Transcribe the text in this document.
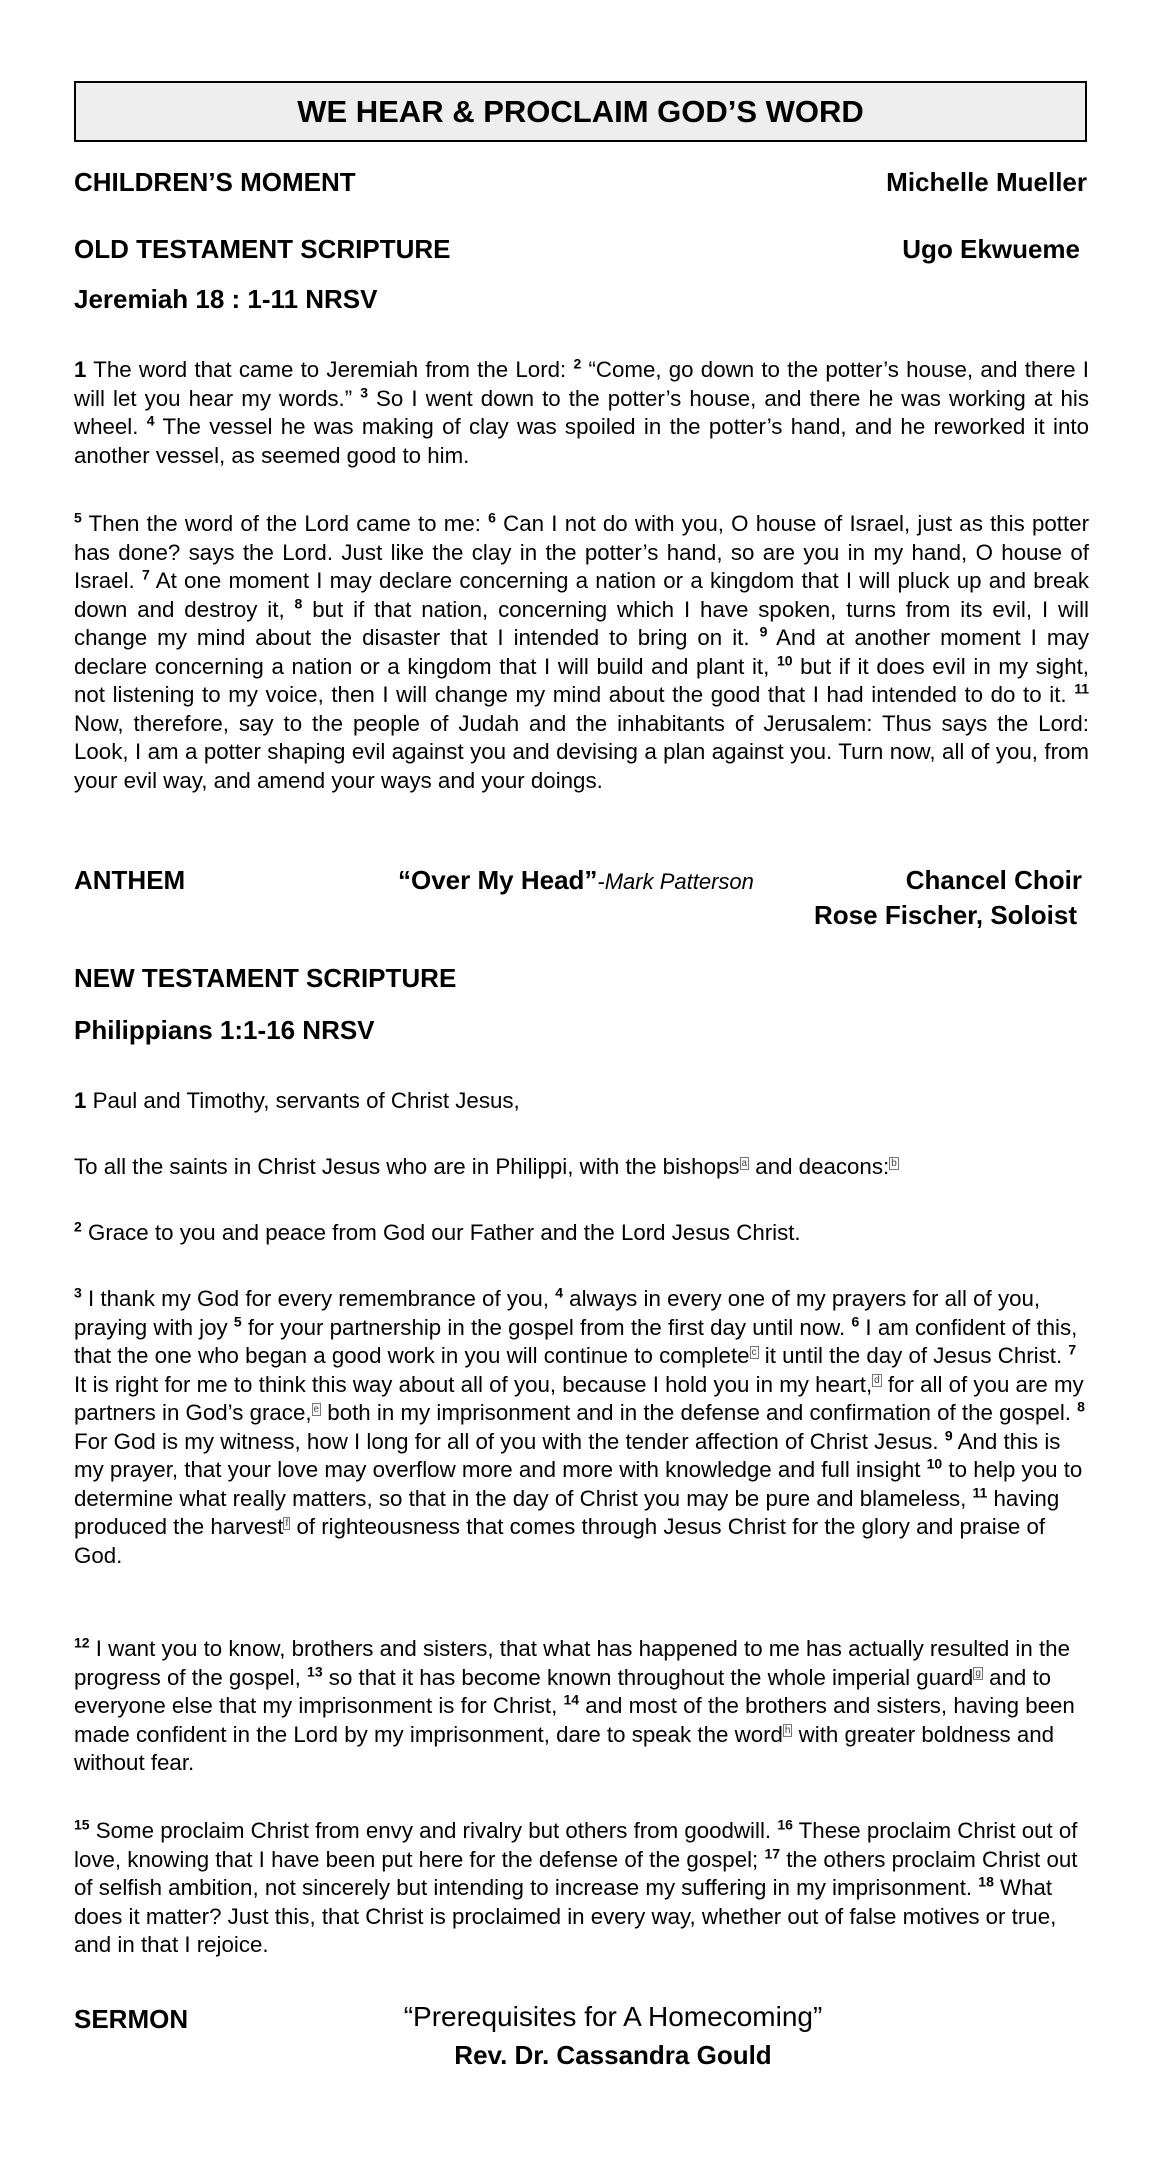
WE HEAR & PROCLAIM GOD’S WORD
CHILDREN’S MOMENT	Michelle Mueller
OLD TESTAMENT SCRIPTURE	Ugo Ekwueme
Jeremiah 18 : 1-11 NRSV

1 The word that came to Jeremiah from the Lord: $^2$ “Come, go down to the potter’s house, and there I will let you hear my words.” $^3$ So I went down to the potter’s house, and there he was working at his wheel. $^4$ The vessel he was making of clay was spoiled in the potter’s hand, and he reworked it into another vessel, as seemed good to him.

$^5$ Then the word of the Lord came to me: $^6$ Can I not do with you, O house of Israel, just as this potter has done? says the Lord. Just like the clay in the potter’s hand, so are you in my hand, O house of Israel. $^7$ At one moment I may declare concerning a nation or a kingdom that I will pluck up and break down and destroy it, $^8$ but if that nation, concerning which I have spoken, turns from its evil, I will change my mind about the disaster that I intended to bring on it. $^9$ And at another moment I may declare concerning a nation or a kingdom that I will build and plant it, $^{10}$ but if it does evil in my sight, not listening to my voice, then I will change my mind about the good that I had intended to do to it. $^{11}$ Now, therefore, say to the people of Judah and the inhabitants of Jerusalem: Thus says the Lord: Look, I am a potter shaping evil against you and devising a plan against you. Turn now, all of you, from your evil way, and amend your ways and your doings.

ANTHEM	“Over My Head”-Mark Patterson	Chancel Choir
Rose Fischer, Soloist
NEW TESTAMENT SCRIPTURE
Philippians 1:1-16 NRSV

1 Paul and Timothy, servants of Christ Jesus,

To all the saints in Christ Jesus who are in Philippi, with the bishops a and deacons: b

$^2$ Grace to you and peace from God our Father and the Lord Jesus Christ.

$^3$ I thank my God for every remembrance of you, $^4$ always in every one of my prayers for all of you, praying with joy $^5$ for your partnership in the gospel from the first day until now. $^6$ I am confident of this, that the one who began a good work in you will continue to complete c it until the day of Jesus Christ. $^7$ It is right for me to think this way about all of you, because I hold you in my heart, d for all of you are my partners in God’s grace, e both in my imprisonment and in the defense and confirmation of the gospel. $^8$ For God is my witness, how I long for all of you with the tender affection of Christ Jesus. $^9$ And this is my prayer, that your love may overflow more and more with knowledge and full insight $^{10}$ to help you to determine what really matters, so that in the day of Christ you may be pure and blameless, $^{11}$ having produced the harvest f of righteousness that comes through Jesus Christ for the glory and praise of God.

$^{12}$ I want you to know, brothers and sisters, that what has happened to me has actually resulted in the progress of the gospel, $^{13}$ so that it has become known throughout the whole imperial guard g and to everyone else that my imprisonment is for Christ, $^{14}$ and most of the brothers and sisters, having been made confident in the Lord by my imprisonment, dare to speak the word h with greater boldness and without fear.

$^{15}$ Some proclaim Christ from envy and rivalry but others from goodwill. $^{16}$ These proclaim Christ out of love, knowing that I have been put here for the defense of the gospel; $^{17}$ the others proclaim Christ out of selfish ambition, not sincerely but intending to increase my suffering in my imprisonment. $^{18}$ What does it matter? Just this, that Christ is proclaimed in every way, whether out of false motives or true, and in that I rejoice.

SERMON	“Prerequisites for A Homecoming”
Rev. Dr. Cassandra Gould
